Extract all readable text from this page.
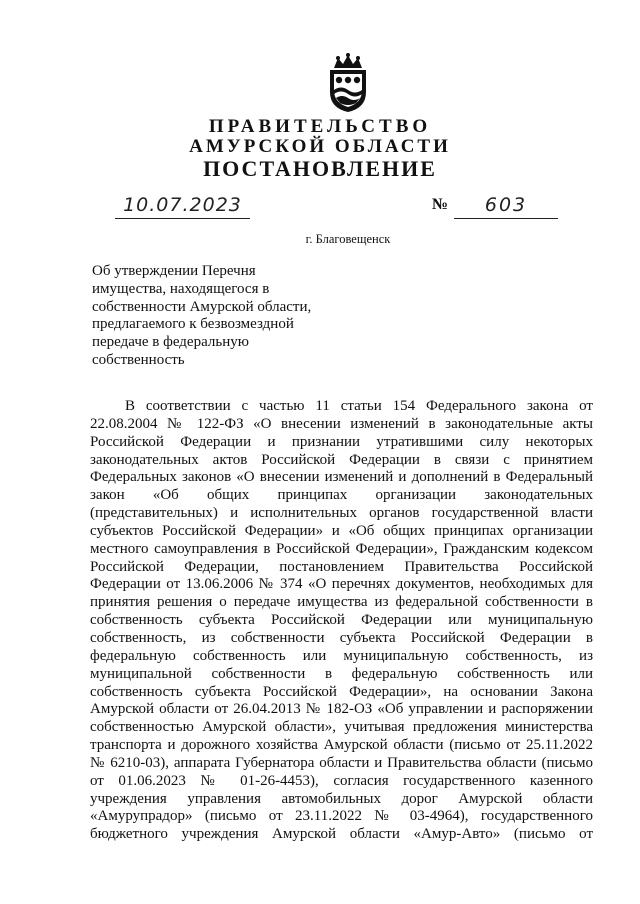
ПРАВИТЕЛЬСТВО
АМУРСКОЙ ОБЛАСТИ
ПОСТАНОВЛЕНИЕ
10.07.2023	№	603
г. Благовещенск
Об утверждении Перечня
имущества, находящегося в
собственности Амурской области,
предлагаемого к безвозмездной
передаче в федеральную
собственность
В соответствии с частью 11 статьи 154 Федерального закона от
22.08.2004 № 122-ФЗ «О внесении изменений в законодательные акты
Российской Федерации и признании утратившими силу некоторых
законодательных актов Российской Федерации в связи с принятием
Федеральных законов «О внесении изменений и дополнений в Федеральный
закон «Об общих принципах организации законодательных
(представительных) и исполнительных органов государственной власти
субъектов Российской Федерации» и «Об общих принципах организации
местного самоуправления в Российской Федерации», Гражданским кодексом
Российской Федерации, постановлением Правительства Российской
Федерации от 13.06.2006 № 374 «О перечнях документов, необходимых для
принятия решения о передаче имущества из федеральной собственности в
собственность субъекта Российской Федерации или муниципальную
собственность, из собственности субъекта Российской Федерации в
федеральную собственность или муниципальную собственность, из
муниципальной собственности в федеральную собственность или
собственность субъекта Российской Федерации», на основании Закона
Амурской области от 26.04.2013 № 182-ОЗ «Об управлении и распоряжении
собственностью Амурской области», учитывая предложения министерства
транспорта и дорожного хозяйства Амурской области (письмо от 25.11.2022
№ 6210-03), аппарата Губернатора области и Правительства области (письмо
от 01.06.2023 № 01-26-4453), согласия государственного казенного
учреждения управления автомобильных дорог Амурской области
«Амурупрадор» (письмо от 23.11.2022 № 03-4964), государственного
бюджетного учреждения Амурской области «Амур-Авто» (письмо от
